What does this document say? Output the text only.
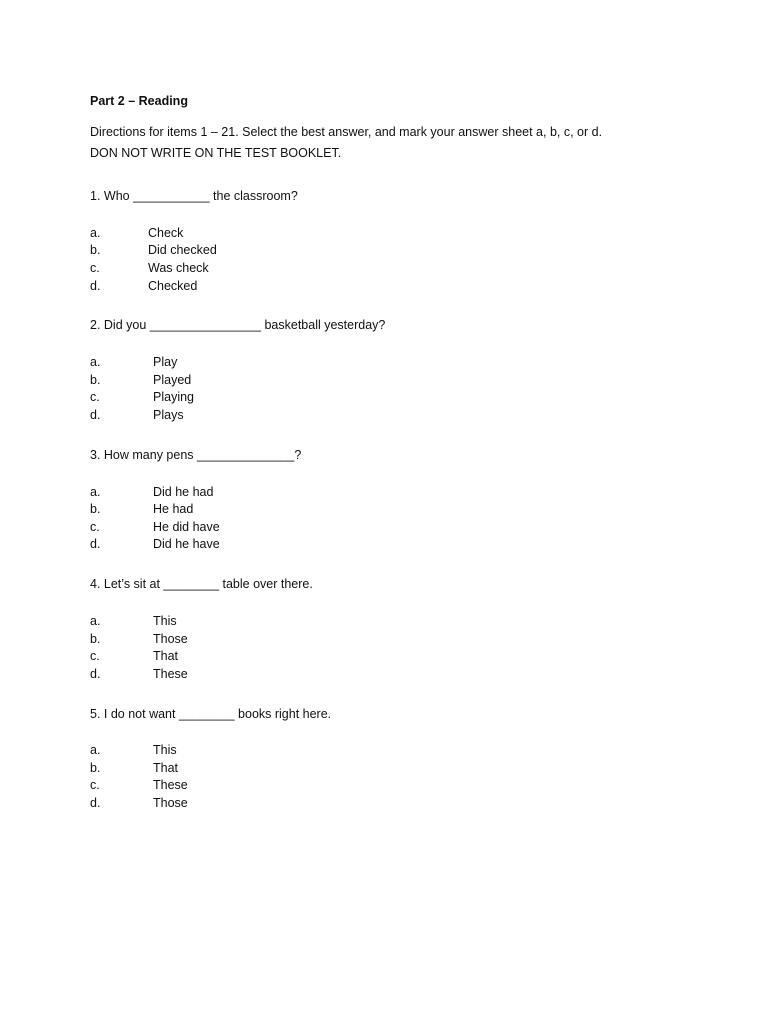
Part 2 – Reading
Directions for items 1 – 21. Select the best answer, and mark your answer sheet a, b, c, or d.
DON NOT WRITE ON THE TEST BOOKLET.
1. Who ___________ the classroom?
a.	Check
b.	Did checked
c.	Was check
d.	Checked
2. Did you ________________ basketball yesterday?
a.	Play
b.	Played
c.	Playing
d.	Plays
3. How many pens ______________?
a.	Did he had
b.	He had
c.	He did have
d.	Did he have
4. Let’s sit at ________ table over there.
a.	This
b.	Those
c.	That
d.	These
5. I do not want ________ books right here.
a.	This
b.	That
c.	These
d.	Those
